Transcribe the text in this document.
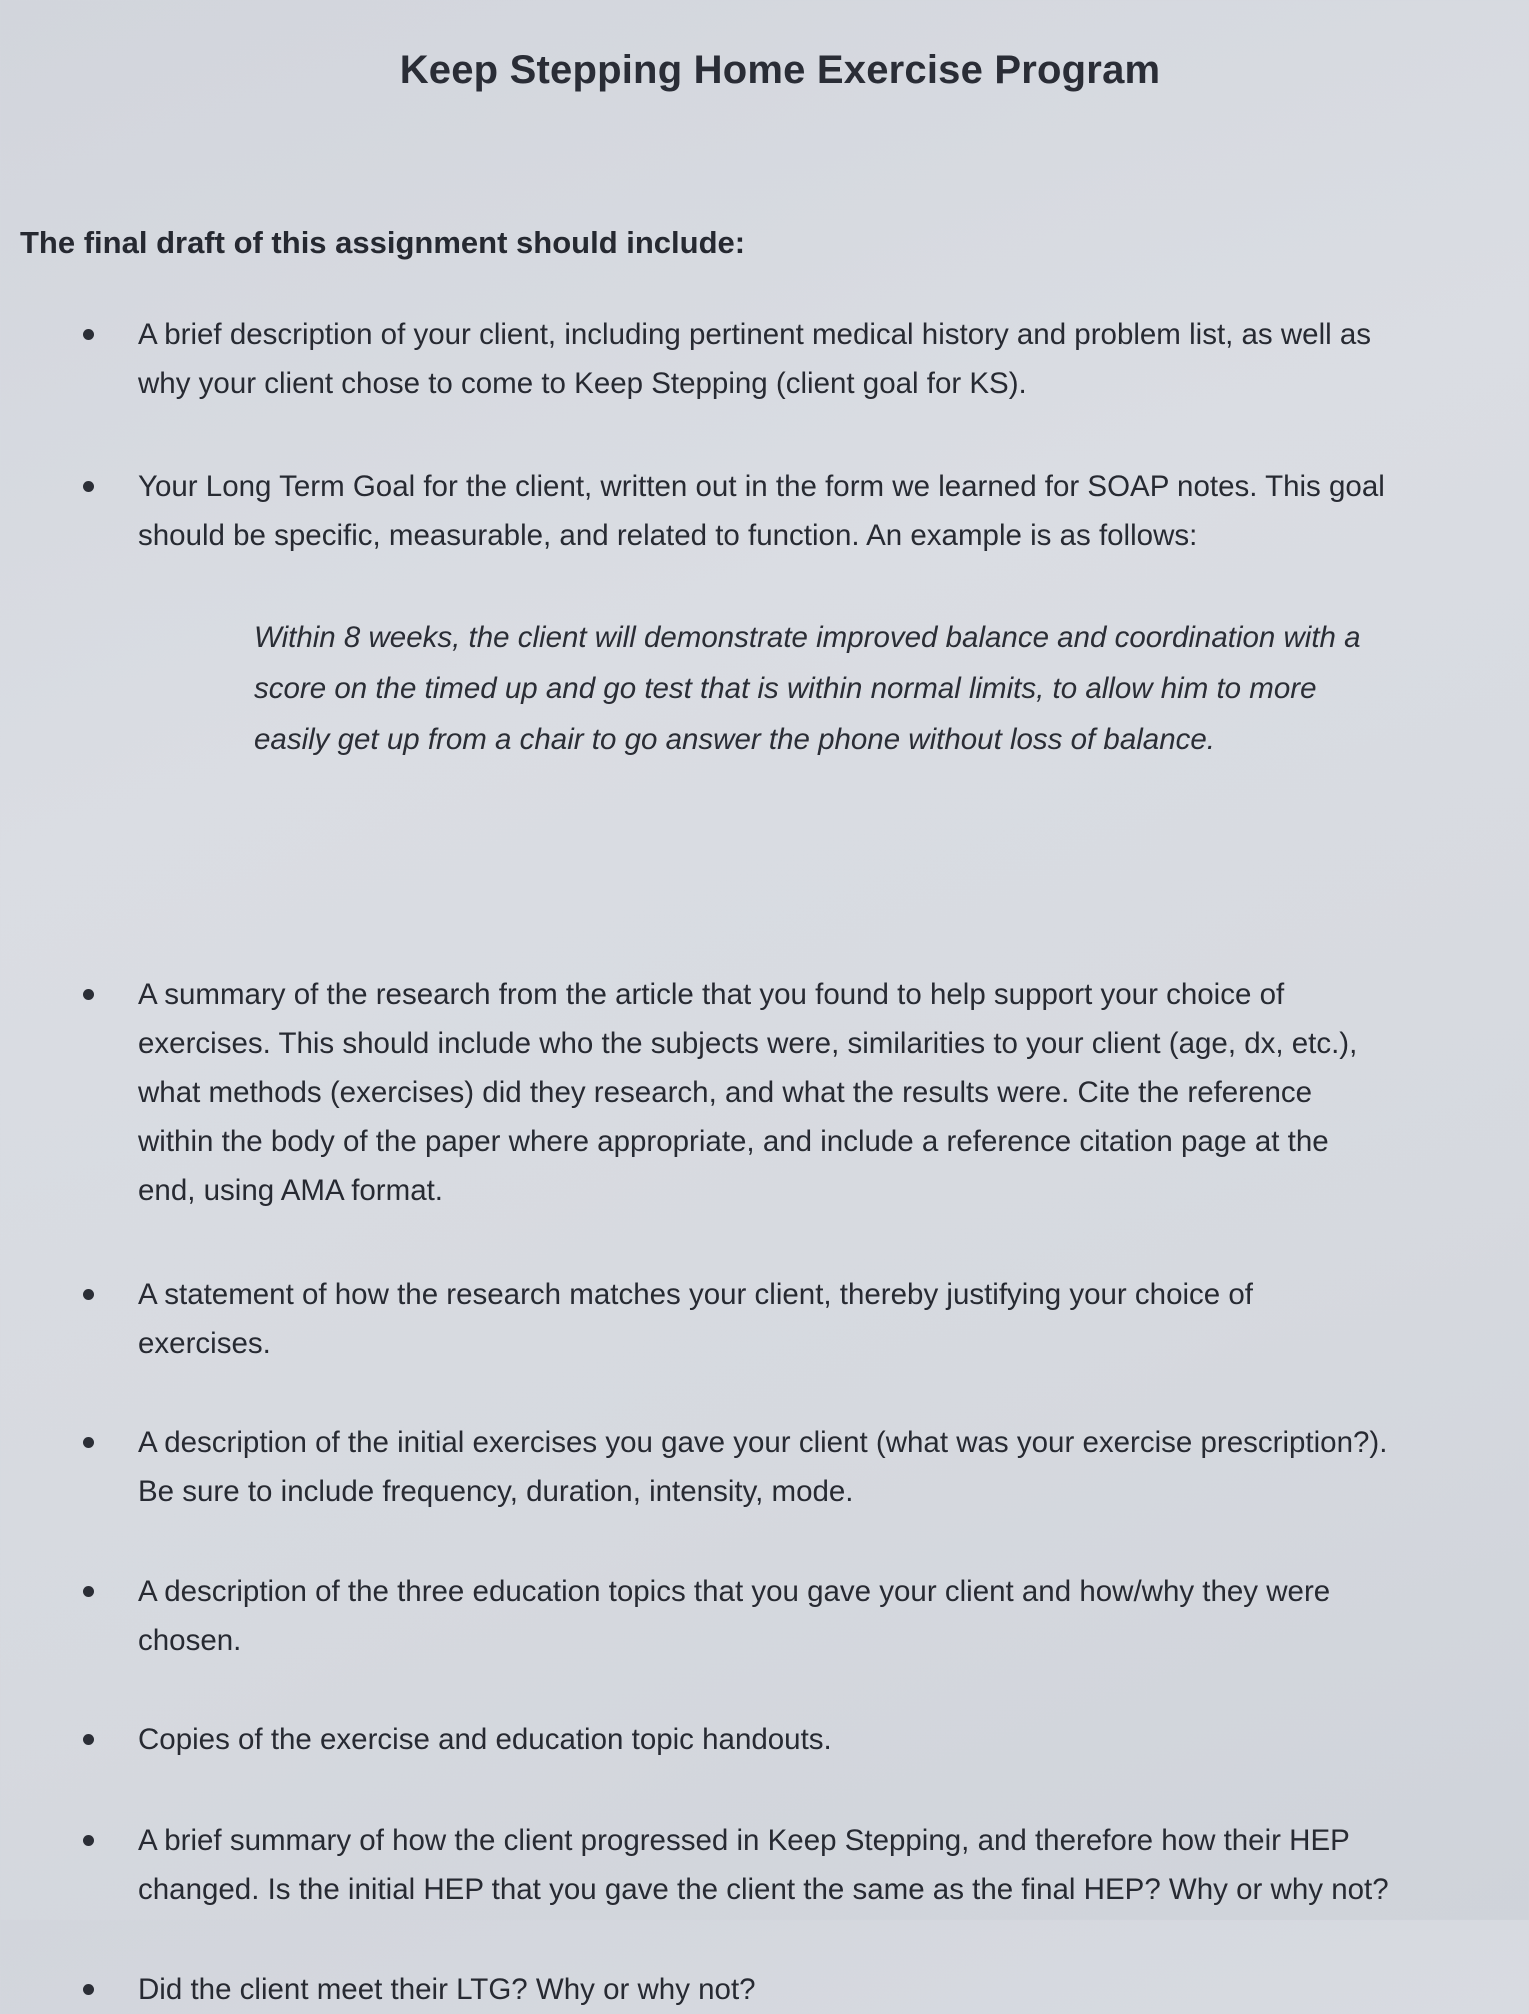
Keep Stepping Home Exercise Program
The final draft of this assignment should include:
A brief description of your client, including pertinent medical history and problem list, as well as
why your client chose to come to Keep Stepping (client goal for KS).
Your Long Term Goal for the client, written out in the form we learned for SOAP notes. This goal
should be specific, measurable, and related to function. An example is as follows:
A summary of the research from the article that you found to help support your choice of
exercises. This should include who the subjects were, similarities to your client (age, dx, etc.),
what methods (exercises) did they research, and what the results were. Cite the reference
within the body of the paper where appropriate, and include a reference citation page at the
end, using AMA format.
A statement of how the research matches your client, thereby justifying your choice of
exercises.
A description of the initial exercises you gave your client (what was your exercise prescription?).
Be sure to include frequency, duration, intensity, mode.
A description of the three education topics that you gave your client and how/why they were
chosen.
Copies of the exercise and education topic handouts.
A brief summary of how the client progressed in Keep Stepping, and therefore how their HEP
changed. Is the initial HEP that you gave the client the same as the final HEP? Why or why not?
Did the client meet their LTG? Why or why not?
Within 8 weeks, the client will demonstrate improved balance and coordination with a
score on the timed up and go test that is within normal limits, to allow him to more
easily get up from a chair to go answer the phone without loss of balance.
